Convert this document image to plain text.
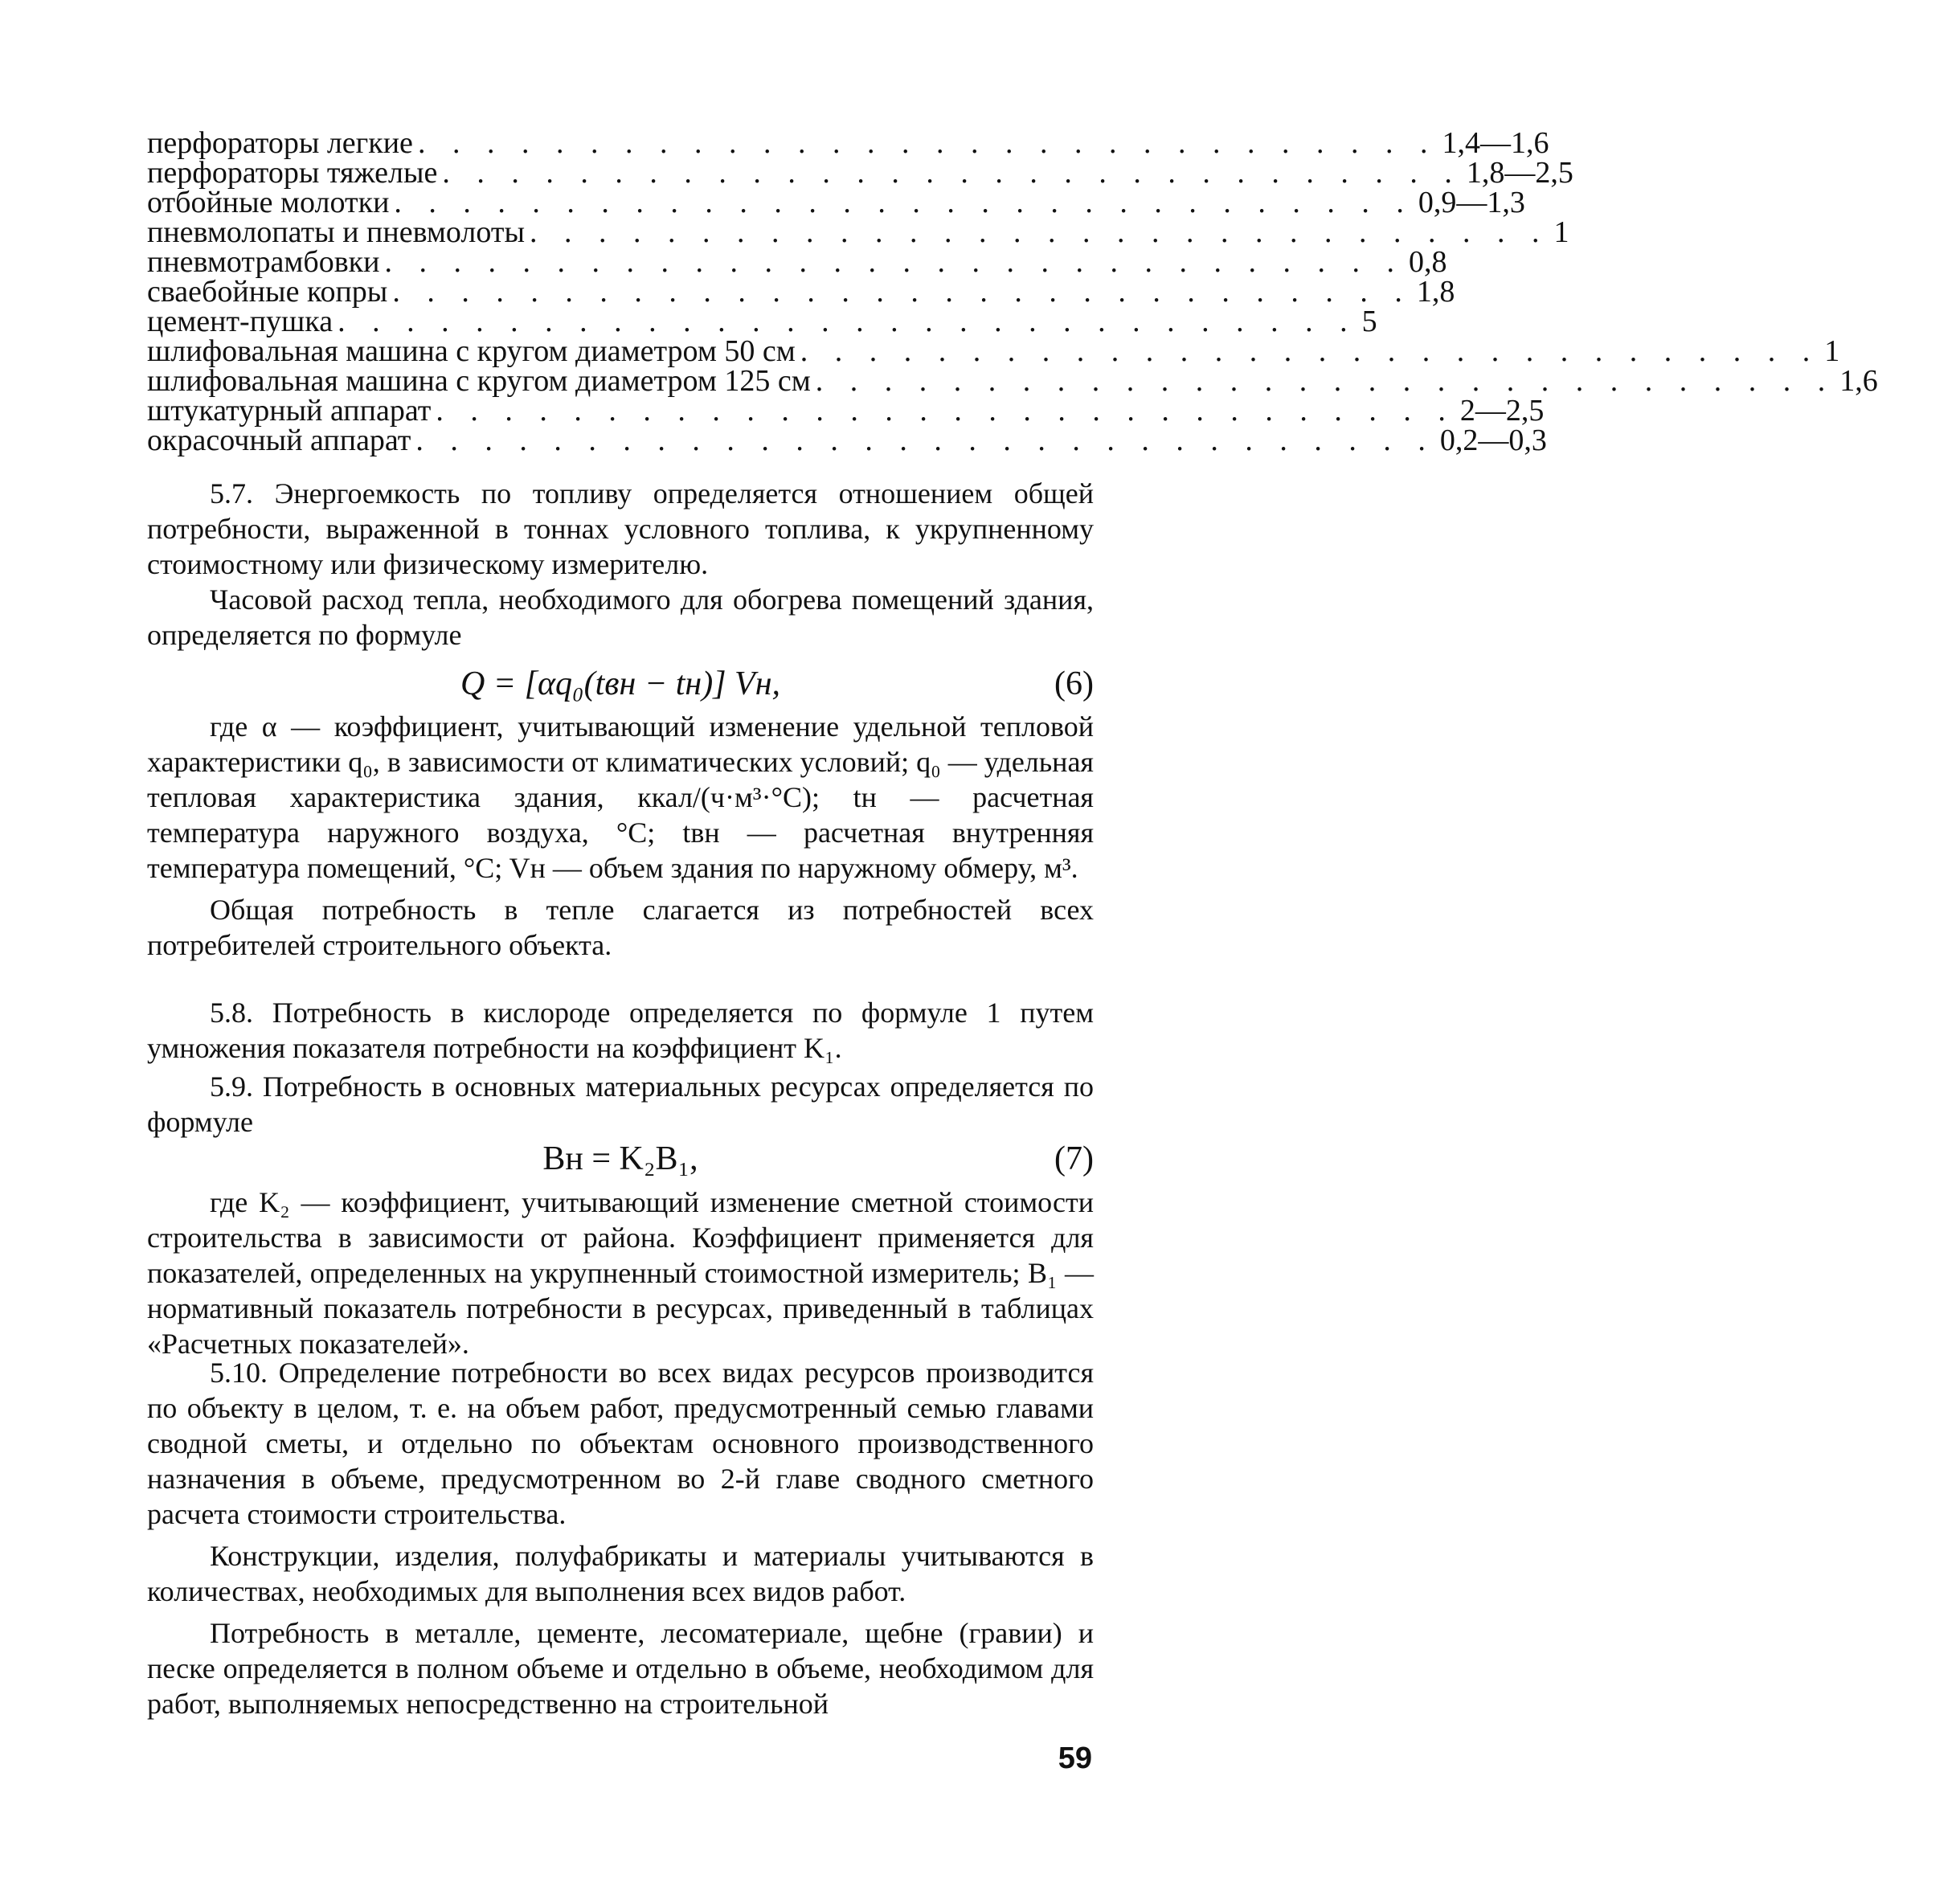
перфораторы легкие . . . . . . . . . . . . . . . . . . . . . . . . . . . . . . 1,4—1,6
перфораторы тяжелые . . . . . . . . . . . . . . . . . . . . . . . . . . . . . . 1,8—2,5
отбойные молотки . . . . . . . . . . . . . . . . . . . . . . . . . . . . . . 0,9—1,3
пневмолопаты и пневмолоты . . . . . . . . . . . . . . . . . . . . . . . . . . . . . . 1
пневмотрамбовки . . . . . . . . . . . . . . . . . . . . . . . . . . . . . . 0,8
сваебойные копры . . . . . . . . . . . . . . . . . . . . . . . . . . . . . . 1,8
цемент-пушка . . . . . . . . . . . . . . . . . . . . . . . . . . . . . . 5
шлифовальная машина с кругом диаметром 50 см . . . . . . . . . . . . . . . . . . . . . . . . . . . . . . 1
шлифовальная машина с кругом диаметром 125 см . . . . . . . . . . . . . . . . . . . . . . . . . . . . . . 1,6
штукатурный аппарат . . . . . . . . . . . . . . . . . . . . . . . . . . . . . . 2—2,5
окрасочный аппарат . . . . . . . . . . . . . . . . . . . . . . . . . . . . . . 0,2—0,3

5.7. Энергоемкость по топливу определяется отношением общей потребности, выраженной в тоннах условного топлива, к укрупненному стоимостному или физическому измерителю.

Часовой расход тепла, необходимого для обогрева помещений здания, определяется по формуле

Q = [αq₀(tвн − tн)] Vн,	(6)

где α — коэффициент, учитывающий изменение удельной тепловой характеристики q₀, в зависимости от климатических условий; q₀ — удельная тепловая характеристика здания, ккал/(ч·м³·°C); tн — расчетная температура наружного воздуха, °C; tвн — расчетная внутренняя температура помещений, °C; Vн — объем здания по наружному обмеру, м³.

Общая потребность в тепле слагается из потребностей всех потребителей строительного объекта.

5.8. Потребность в кислороде определяется по формуле 1 путем умножения показателя потребности на коэффициент K₁.

5.9. Потребность в основных материальных ресурсах определяется по формуле

Bн = K₂B₁,	(7)

где K₂ — коэффициент, учитывающий изменение сметной стоимости строительства в зависимости от района. Коэффициент применяется для показателей, определенных на укрупненный стоимостной измеритель; B₁ — нормативный показатель потребности в ресурсах, приведенный в таблицах «Расчетных показателей».

5.10. Определение потребности во всех видах ресурсов производится по объекту в целом, т. е. на объем работ, предусмотренный семью главами сводной сметы, и отдельно по объектам основного производственного назначения в объеме, предусмотренном во 2-й главе сводного сметного расчета стоимости строительства.

Конструкции, изделия, полуфабрикаты и материалы учитываются в количествах, необходимых для выполнения всех видов работ.

Потребность в металле, цементе, лесоматериале, щебне (гравии) и песке определяется в полном объеме и отдельно в объеме, необходимом для работ, выполняемых непосредственно на строительной

59
